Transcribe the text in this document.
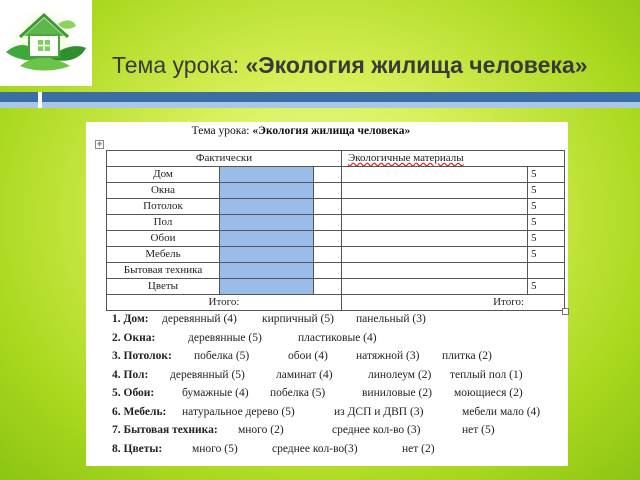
Тема урока: «Экология жилища человека»
Тема урока: «Экология жилища человека»
✥
Фактически			Экологичные материалы	
Дом				5
Окна				5
Потолок				5
Пол				5
Обои				5
Мебель				5
Бытовая техника				
Цветы				5
Итого:			Итого:	
1. Дом: деревянный (4) кирпичный (5) панельный (3)
2. Окна:	деревянные (5)	пластиковые (4)
3. Потолок: побелка (5)	обои (4) натяжной (3) плитка (2)
4. Пол: деревянный (5)	ламинат (4)	линолеум (2) теплый пол (1)
5. Обои: бумажные (4) побелка (5)	виниловые (2) моющиеся (2)
6. Мебель: натуральное дерево (5)	из ДСП и ДВП (3)	мебели мало (4)
7. Бытовая техника: много (2)	среднее кол-во (3)	нет (5)
8. Цветы:	много (5)	среднее кол-во(3)	нет (2)
